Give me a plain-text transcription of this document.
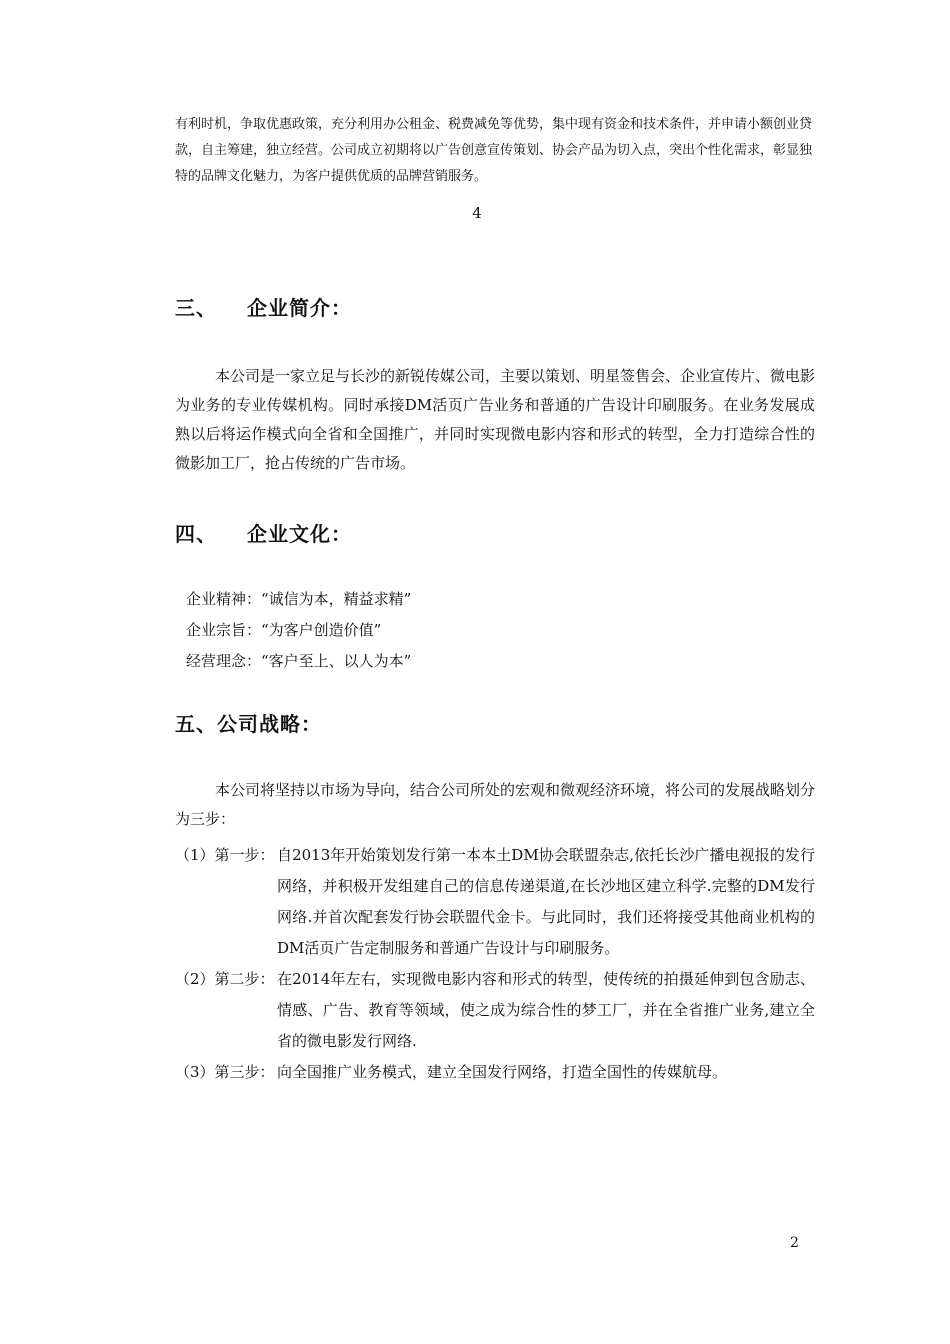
有利时机，争取优惠政策，充分利用办公租金、税费减免等优势，集中现有资金和技术条件，并申请小额创业贷款，自主筹建，独立经营。公司成立初期将以广告创意宣传策划、协会产品为切入点，突出个性化需求，彰显独特的品牌文化魅力，为客户提供优质的品牌营销服务。

4
三、 企业简介：

本公司是一家立足与长沙的新锐传媒公司，主要以策划、明星签售会、企业宣传片、微电影为业务的专业传媒机构。同时承接DM活页广告业务和普通的广告设计印刷服务。在业务发展成熟以后将运作模式向全省和全国推广，并同时实现微电影内容和形式的转型，全力打造综合性的微影加工厂，抢占传统的广告市场。

四、 企业文化：
企业精神：“诚信为本，精益求精”
企业宗旨：“为客户创造价值”
经营理念：“客户至上、以人为本”
五、公司战略：

本公司将坚持以市场为导向，结合公司所处的宏观和微观经济环境，将公司的发展战略划分为三步：

（1）第一步： 自2013年开始策划发行第一本本土DM协会联盟杂志,依托长沙广播电视报的发行网络，并积极开发组建自己的信息传递渠道,在长沙地区建立科学.完整的DM发行网络.并首次配套发行协会联盟代金卡。与此同时，我们还将接受其他商业机构的DM活页广告定制服务和普通广告设计与印刷服务。
（2）第二步： 在2014年左右，实现微电影内容和形式的转型，使传统的拍摄延伸到包含励志、情感、广告、教育等领域，使之成为综合性的梦工厂，并在全省推广业务,建立全省的微电影发行网络.
（3）第三步： 向全国推广业务模式，建立全国发行网络，打造全国性的传媒航母。
2
